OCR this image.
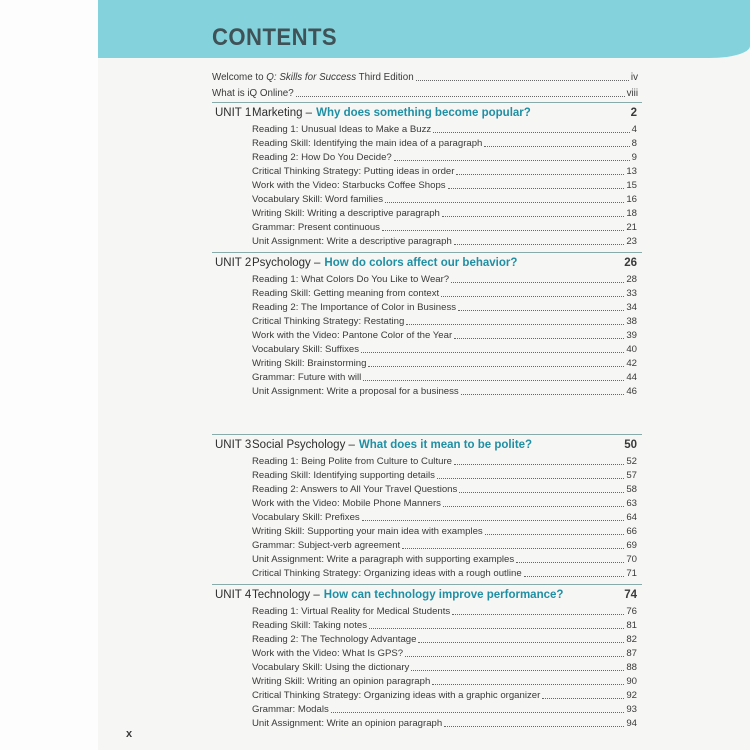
CONTENTS
Welcome to Q: Skills for Success Third Edition	iv
What is iQ Online?	viii
UNIT 1 Marketing – Why does something become popular?	2
Reading 1: Unusual Ideas to Make a Buzz	4
Reading Skill: Identifying the main idea of a paragraph	8
Reading 2: How Do You Decide?	9
Critical Thinking Strategy: Putting ideas in order	13
Work with the Video: Starbucks Coffee Shops	15
Vocabulary Skill: Word families	16
Writing Skill: Writing a descriptive paragraph	18
Grammar: Present continuous	21
Unit Assignment: Write a descriptive paragraph	23
UNIT 2 Psychology – How do colors affect our behavior?	26
Reading 1: What Colors Do You Like to Wear?	28
Reading Skill: Getting meaning from context	33
Reading 2: The Importance of Color in Business	34
Critical Thinking Strategy: Restating	38
Work with the Video: Pantone Color of the Year	39
Vocabulary Skill: Suffixes	40
Writing Skill: Brainstorming	42
Grammar: Future with will	44
Unit Assignment: Write a proposal for a business	46
UNIT 3 Social Psychology – What does it mean to be polite?	50
Reading 1: Being Polite from Culture to Culture	52
Reading Skill: Identifying supporting details	57
Reading 2: Answers to All Your Travel Questions	58
Work with the Video: Mobile Phone Manners	63
Vocabulary Skill: Prefixes	64
Writing Skill: Supporting your main idea with examples	66
Grammar: Subject-verb agreement	69
Unit Assignment: Write a paragraph with supporting examples	70
Critical Thinking Strategy: Organizing ideas with a rough outline	71
UNIT 4 Technology – How can technology improve performance?	74
Reading 1: Virtual Reality for Medical Students	76
Reading Skill: Taking notes	81
Reading 2: The Technology Advantage	82
Work with the Video: What Is GPS?	87
Vocabulary Skill: Using the dictionary	88
Writing Skill: Writing an opinion paragraph	90
Critical Thinking Strategy: Organizing ideas with a graphic organizer	92
Grammar: Modals	93
Unit Assignment: Write an opinion paragraph	94
x
